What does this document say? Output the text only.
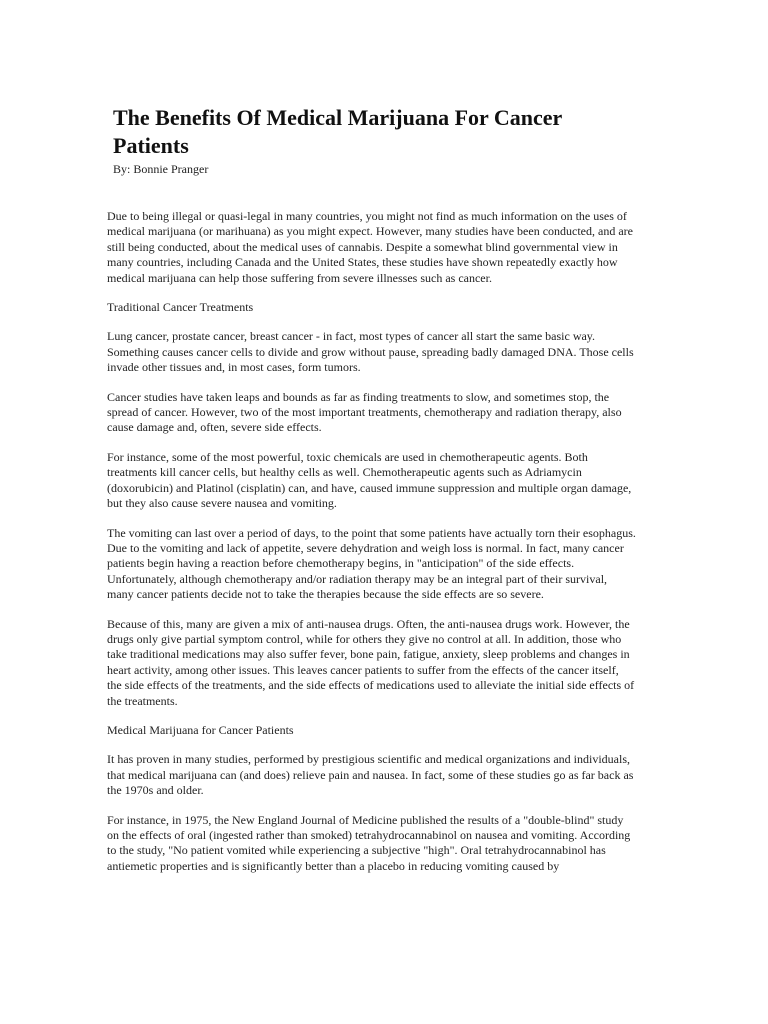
The Benefits Of Medical Marijuana For Cancer Patients

By: Bonnie Pranger

Due to being illegal or quasi-legal in many countries, you might not find as much information on the uses of
medical marijuana (or marihuana) as you might expect. However, many studies have been conducted, and are
still being conducted, about the medical uses of cannabis. Despite a somewhat blind governmental view in
many countries, including Canada and the United States, these studies have shown repeatedly exactly how
medical marijuana can help those suffering from severe illnesses such as cancer.

Traditional Cancer Treatments

Lung cancer, prostate cancer, breast cancer - in fact, most types of cancer all start the same basic way.
Something causes cancer cells to divide and grow without pause, spreading badly damaged DNA. Those cells
invade other tissues and, in most cases, form tumors.

Cancer studies have taken leaps and bounds as far as finding treatments to slow, and sometimes stop, the
spread of cancer. However, two of the most important treatments, chemotherapy and radiation therapy, also
cause damage and, often, severe side effects.

For instance, some of the most powerful, toxic chemicals are used in chemotherapeutic agents. Both
treatments kill cancer cells, but healthy cells as well. Chemotherapeutic agents such as Adriamycin
(doxorubicin) and Platinol (cisplatin) can, and have, caused immune suppression and multiple organ damage,
but they also cause severe nausea and vomiting.

The vomiting can last over a period of days, to the point that some patients have actually torn their esophagus.
Due to the vomiting and lack of appetite, severe dehydration and weigh loss is normal. In fact, many cancer
patients begin having a reaction before chemotherapy begins, in "anticipation" of the side effects.
Unfortunately, although chemotherapy and/or radiation therapy may be an integral part of their survival,
many cancer patients decide not to take the therapies because the side effects are so severe.

Because of this, many are given a mix of anti-nausea drugs. Often, the anti-nausea drugs work. However, the
drugs only give partial symptom control, while for others they give no control at all. In addition, those who
take traditional medications may also suffer fever, bone pain, fatigue, anxiety, sleep problems and changes in
heart activity, among other issues. This leaves cancer patients to suffer from the effects of the cancer itself,
the side effects of the treatments, and the side effects of medications used to alleviate the initial side effects of
the treatments.

Medical Marijuana for Cancer Patients

It has proven in many studies, performed by prestigious scientific and medical organizations and individuals,
that medical marijuana can (and does) relieve pain and nausea. In fact, some of these studies go as far back as
the 1970s and older.

For instance, in 1975, the New England Journal of Medicine published the results of a "double-blind" study
on the effects of oral (ingested rather than smoked) tetrahydrocannabinol on nausea and vomiting. According
to the study, "No patient vomited while experiencing a subjective "high". Oral tetrahydrocannabinol has
antiemetic properties and is significantly better than a placebo in reducing vomiting caused by
